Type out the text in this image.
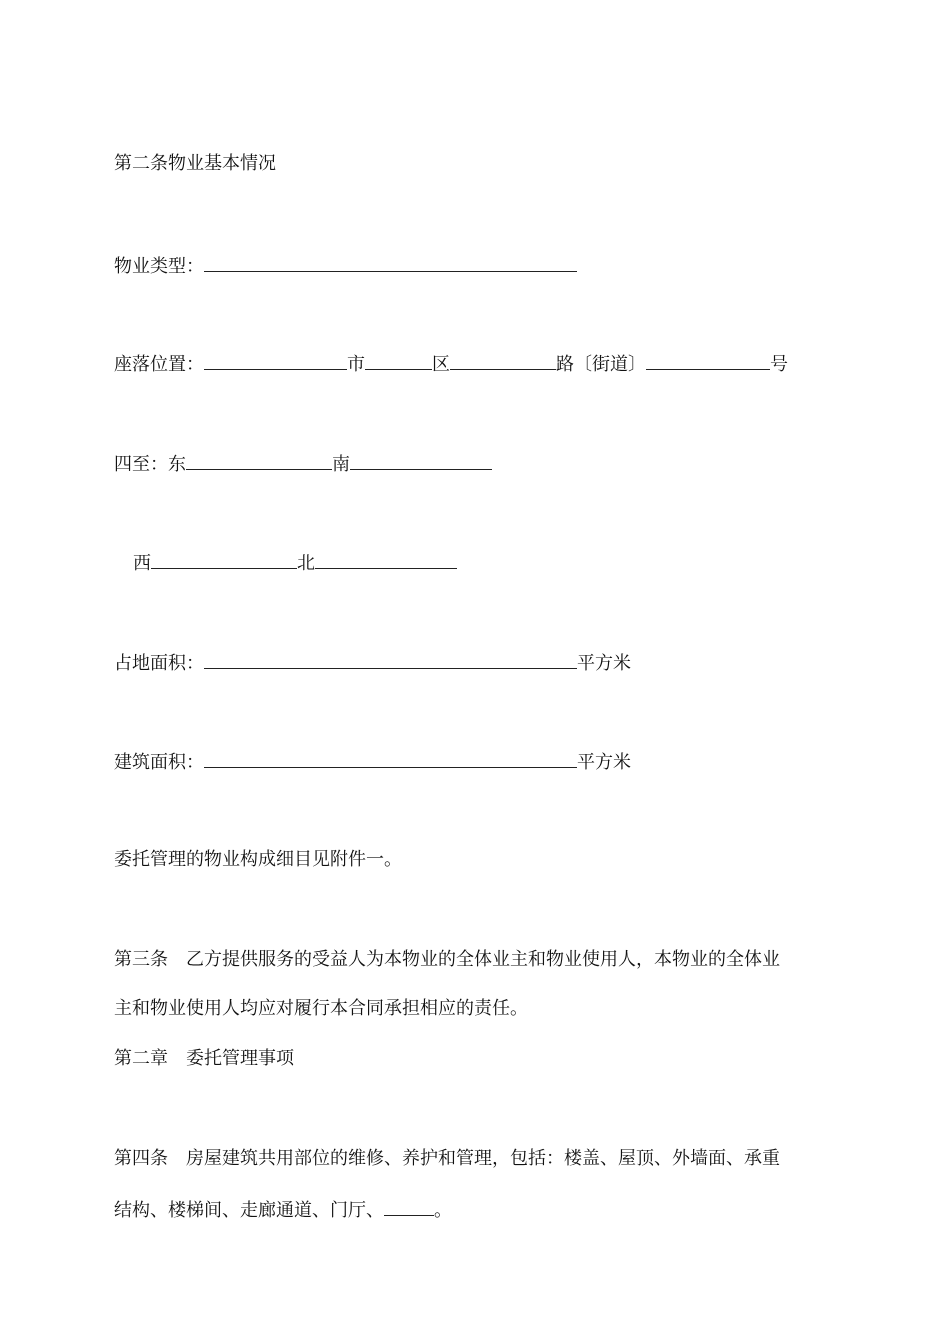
第二条物业基本情况
物业类型：
座落位置：	市	区	路〔街道〕	号
四至：东	南
西	北
占地面积：	平方米
建筑面积：	平方米
委托管理的物业构成细目见附件一。
第三条　乙方提供服务的受益人为本物业的全体业主和物业使用人，本物业的全体业
主和物业使用人均应对履行本合同承担相应的责任。
第二章　委托管理事项
第四条　房屋建筑共用部位的维修、养护和管理，包括：楼盖、屋顶、外墙面、承重
结构、楼梯间、走廊通道、门厅、	。
